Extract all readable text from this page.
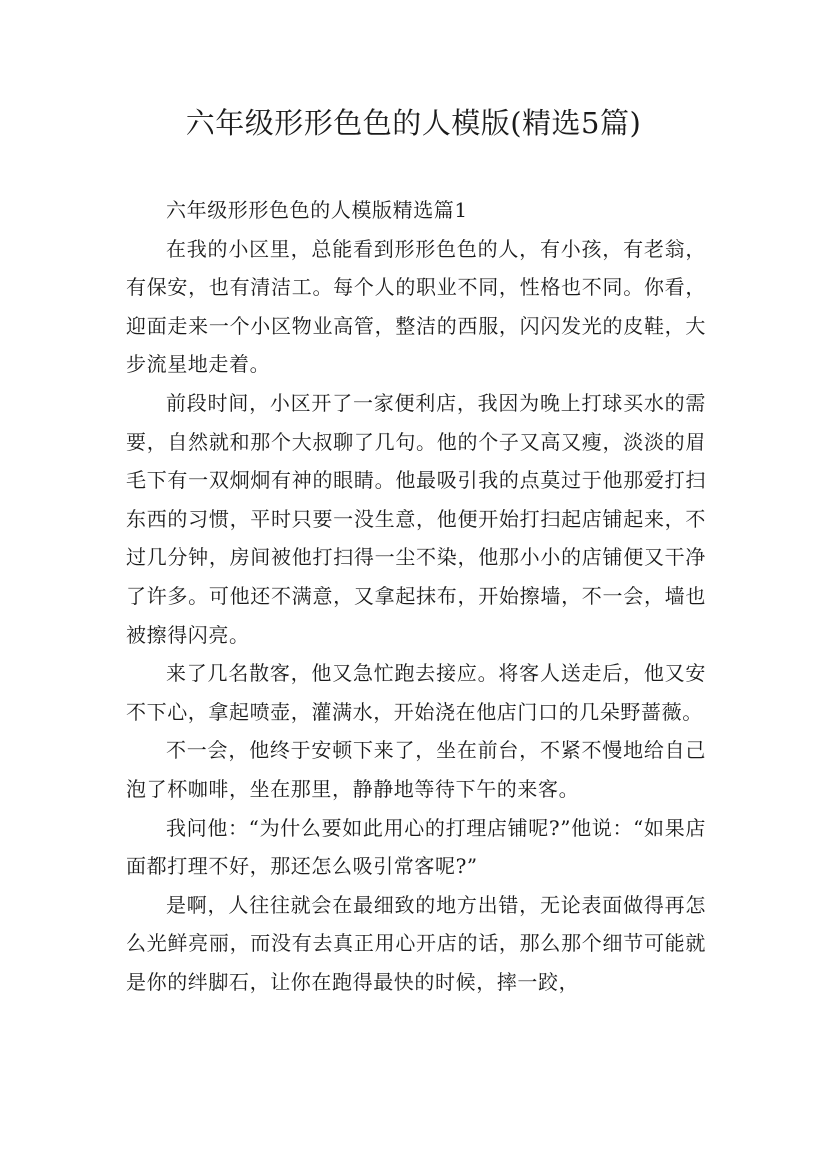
六年级形形色色的人模版(精选5篇)

六年级形形色色的人模版精选篇1

在我的小区里，总能看到形形色色的人，有小孩，有老翁，有保安，也有清洁工。每个人的职业不同，性格也不同。你看，迎面走来一个小区物业高管，整洁的西服，闪闪发光的皮鞋，大步流星地走着。

前段时间，小区开了一家便利店，我因为晚上打球买水的需要，自然就和那个大叔聊了几句。他的个子又高又瘦，淡淡的眉毛下有一双炯炯有神的眼睛。他最吸引我的点莫过于他那爱打扫东西的习惯，平时只要一没生意，他便开始打扫起店铺起来，不过几分钟，房间被他打扫得一尘不染，他那小小的店铺便又干净了许多。可他还不满意，又拿起抹布，开始擦墙，不一会，墙也被擦得闪亮。

来了几名散客，他又急忙跑去接应。将客人送走后，他又安不下心，拿起喷壶，灌满水，开始浇在他店门口的几朵野蔷薇。

不一会，他终于安顿下来了，坐在前台，不紧不慢地给自己泡了杯咖啡，坐在那里，静静地等待下午的来客。

我问他：“为什么要如此用心的打理店铺呢?”他说：“如果店面都打理不好，那还怎么吸引常客呢?”

是啊，人往往就会在最细致的地方出错，无论表面做得再怎么光鲜亮丽，而没有去真正用心开店的话，那么那个细节可能就是你的绊脚石，让你在跑得最快的时候，摔一跤，
